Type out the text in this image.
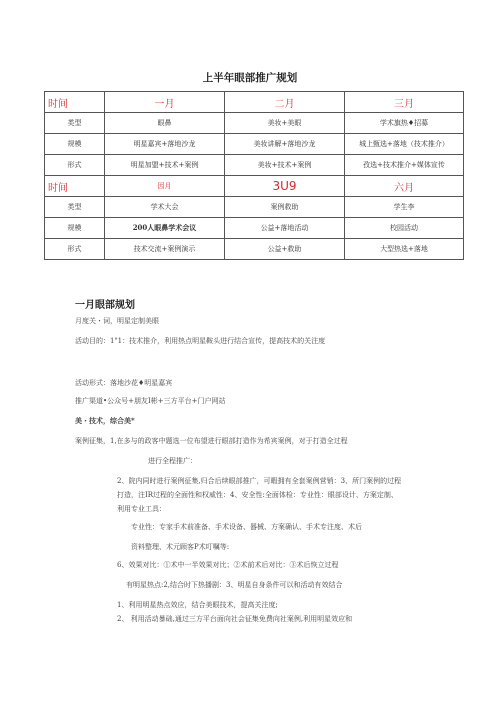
上半年眼部推广规划
时间	一月	二月	三月
类型	眼鼻	美妆+美眼	学术旗热♦招募
规模	明星嘉宾+落地沙龙	美妆讲解+落地沙龙	城上甄选+落地（技术推介）
形式	明星加盟+技术+案例	美妆+技术+案例	孜选+技术推介+媒体宣传
时间	因月	3U9	六月
类型	学术大会	案例救助	学生李
规模	200人眼鼻学术会议	公益+落地活动	校园活动
形式	技术交流+案例演示	公益+救助	大型热选+落地
一月眼部规划
月度关・词，明星定制美眼
活动目的：1"1：技术推介，利用热点明星鞍头进行结合宣传，提高技术的关注度
活动形式：落地沙花♦明星嘉宾
推广渠道•公众号+朋友Ⅰ彬+三方平台+门户网站
美・技术，综合美*
案例征集，1,在多与的政客中题选一位布望进行眼部打造作为希宾案例，对于打造全过程
进行全程推广：
2、院内同时进行案例征集,归合后续眼部推广，可暇拥有全套案例营销：3、所门案例的过程
打造，注IR过程的全面性和权威性：4、安全性:全面体检：专业性：眼部设计、方案定制、
利用专业工具：
专业性：专家手术前准备、手术设备、器械、方案确认、手术专注度、术后
资料整理、术元顾客P术叮嘱等:
6、效果对比：①术中一半效果对比；②术前术后对比：③术后恢立过程
有明星热点:2,结合时下热播剧：3、明星自身条件可以和活动有效结合
1、利用明星热点效应，结合美眼技术，提高关注度;
2、 利用活动暴础,通过三方平台面向社会征集免费向社案例,利用明星效应和
